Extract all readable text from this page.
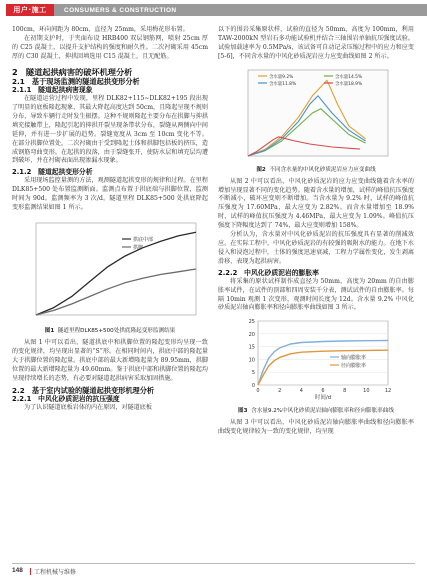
用户·施工	CONSUMERS & CONSTRUCTION

100cm，环向间距为 80cm，直径为 25mm，采用梅花形布置。

在初期支护时，于夹面布设 HRB400 双层钢筋网，喷射 25cm 厚的 C25 混凝土，以提升支护结构的强度和耐久性。二次衬砌采用 45cm 厚的 C30 混凝土，抑拱回填选用 C15 混凝土，且无配筋。

2　隧道起拱病害的破坏机理分析
2.1　基于现场监测的隧道起拱变形分析
2.1.1　隧道起拱病害现象

在隧道运营过程中发现，里程 DLK82+115~DLK82+195 段出现了明显的底板隆起现象，其最大降起高度达到 50cm，且隆起呈现不规则分布，导致车辆行走时发生振摆。这种不规则隆起主要分布在拱脚与抑拱填充接触带上，隆起引起的抑拱开裂呈现条带状分布，裂缝从两侧向中间延伸，并有进一步扩展的趋势。裂缝宽度从 3cm 至 10cm 变化不等。在部分拱脚位置处，二次衬砌由于受到隆起土体和拱脚包括板的挤压，造成钢筋弯曲变形。在起拱的段落，由于裂缝张开，使防水层和填充层均遭到破坏，并在衬砌表面出现渗漏水现象。

2.1.2　隧道起拱变形分析

采用现场监控量测的方法，观测隧道起拱变形的规律和过程。在里程 DLK85+500 处布置监测断面。监测点布置于拱底端与拱脚位置，监测时间为 90d。监测频率为 3 次/d。隧道里程 DLK85+500 处拱底降起变形监测结果如图 1 所示。

拱底中部
拱脚
图1 隧道里程DLK85+500处拱底隆起变形监测结果

从图 1 中可以看出，隧道拱底中和拱脚位置的隆起变形均呈现一致的变化规律，均呈现出显著的“S”形。在相同时间内，拱底中部的隆起量大于拱脚位置的隆起量。拱底中部的最大新增隆起量为 89.95mm，拱脚位置的最大新增隆起量为 49.60mm。鉴于拱底中部和拱脚位置的隆起均呈现持续增长的态势，有必要对隧道起拱病害采取加固措施。

2.2　基于室内试验的隧道起拱变形机理分析
2.2.1　中风化砂质泥岩的抗压强度

为了认识隧道底板岩体的内在原因，对隧道底板

以下的围岩采集原状样，试验的直径为 50mm，高度为 100mm，利用 TAW-2000kN 型岩石多功能试验机并结合三轴围岩单轴抗压强度试验。试验加载速率为 0.5MPa/s，该试备可自动记录压缩过程中的应力和应变 [5-6]，不同含水量的中风化砂质泥岩应力应变曲线如图 2 所示。

含水量9.2%	含水量14.5%
含水量11.8%	含水量18.9%
图2 不同含水量的中风化砂质泥岩应力应变曲线

从图 2 中可以看出，中风化砂质泥岩的应力应变曲线随着含水率的增加呈现显著不同的变化趋势。随着含水量的增加，试样的峰值抗压强度不断减小，破坏应变则不断增加。当含水量为 9.2% 时，试样的峰值抗压强度为 17.60MPa，最大应变为 2.82%。而含水量增加至 18.9% 时，试样的峰值抗压强度为 4.46MPa，最大应变为 1.09%。峰值抗压强度下降幅度达到了 74%，最大应变则增加 158%。

分析认为，含水量对中风化砂质泥岩的抗压强度具有显著的削减效应。在实际工程中，中风化砂质泥岩的有较强的吸附水的能力。在地下水侵入和浸泡过程中，土体的强度迅速衰减，工程力学属性变化，发生剥离滑移，表现为起拱病害。

2.2.2　中风化砂质泥岩的膨胀率

将采集的原状试样制作成直径为 50mm，高度为 20mm 的自由膨胀率试件，在试件的顶部和四周安装千分表，测试试件的自由膨胀率。每隔 10min 观测 1 次变形，观测时间长度为 12d。含水量 9.2% 中风化砂质泥岩轴向膨胀率和径向膨胀率曲线如图 3 所示。

0
5
10
15
20
25
0	2	4	6	8	10	12
时间/d
轴向膨胀率
径向膨胀率
图3 含水量9.2%中风化砂质泥岩轴向膨胀率和径向膨胀率曲线

从图 3 中可以看出，中风化砂质泥岩轴向膨胀率曲线和径向膨胀率曲线变化规律较为一致的变化规律，均呈现

148 工程机械与维修
